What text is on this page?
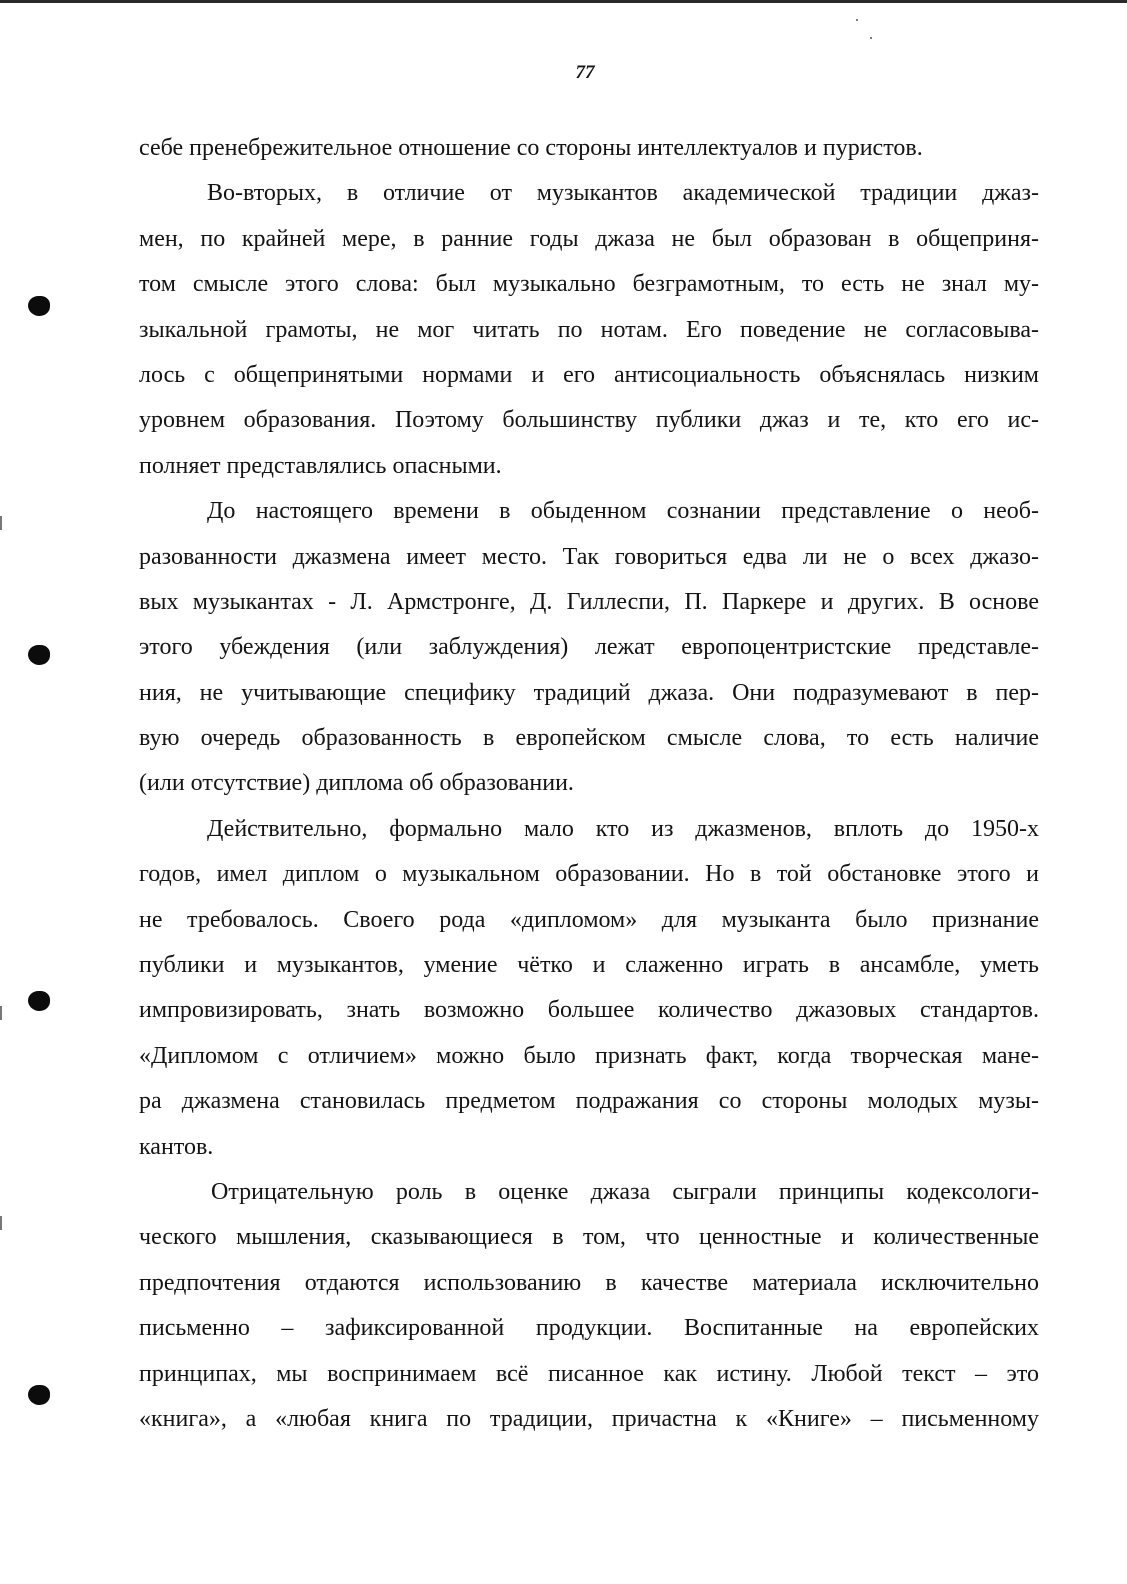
77
себе пренебрежительное отношение со стороны интеллектуалов и пуристов.
Во-вторых, в отличие от музыкантов академической традиции джаз-
мен, по крайней мере, в ранние годы джаза не был образован в общеприня-
том смысле этого слова: был музыкально безграмотным, то есть не знал му-
зыкальной грамоты, не мог читать по нотам. Его поведение не согласовыва-
лось с общепринятыми нормами и его антисоциальность объяснялась низким
уровнем образования. Поэтому большинству публики джаз и те, кто его ис-
полняет представлялись опасными.
До настоящего времени в обыденном сознании представление о необ-
разованности джазмена имеет место. Так говориться едва ли не о всех джазо-
вых музыкантах - Л. Армстронге, Д. Гиллеспи, П. Паркере и других. В основе
этого убеждения (или заблуждения) лежат европоцентристские представле-
ния, не учитывающие специфику традиций джаза. Они подразумевают в пер-
вую очередь образованность в европейском смысле слова, то есть наличие
(или отсутствие) диплома об образовании.
Действительно, формально мало кто из джазменов, вплоть до 1950-х
годов, имел диплом о музыкальном образовании. Но в той обстановке этого и
не требовалось. Своего рода «дипломом» для музыканта было признание
публики и музыкантов, умение чётко и слаженно играть в ансамбле, уметь
импровизировать, знать возможно большее количество джазовых стандартов.
«Дипломом с отличием» можно было признать факт, когда творческая мане-
ра джазмена становилась предметом подражания со стороны молодых музы-
кантов.
Отрицательную роль в оценке джаза сыграли принципы кодексологи-
ческого мышления, сказывающиеся в том, что ценностные и количественные
предпочтения отдаются использованию в качестве материала исключительно
письменно – зафиксированной продукции. Воспитанные на европейских
принципах, мы воспринимаем всё писанное как истину. Любой текст – это
«книга», а «любая книга по традиции, причастна к «Книге» – письменному
